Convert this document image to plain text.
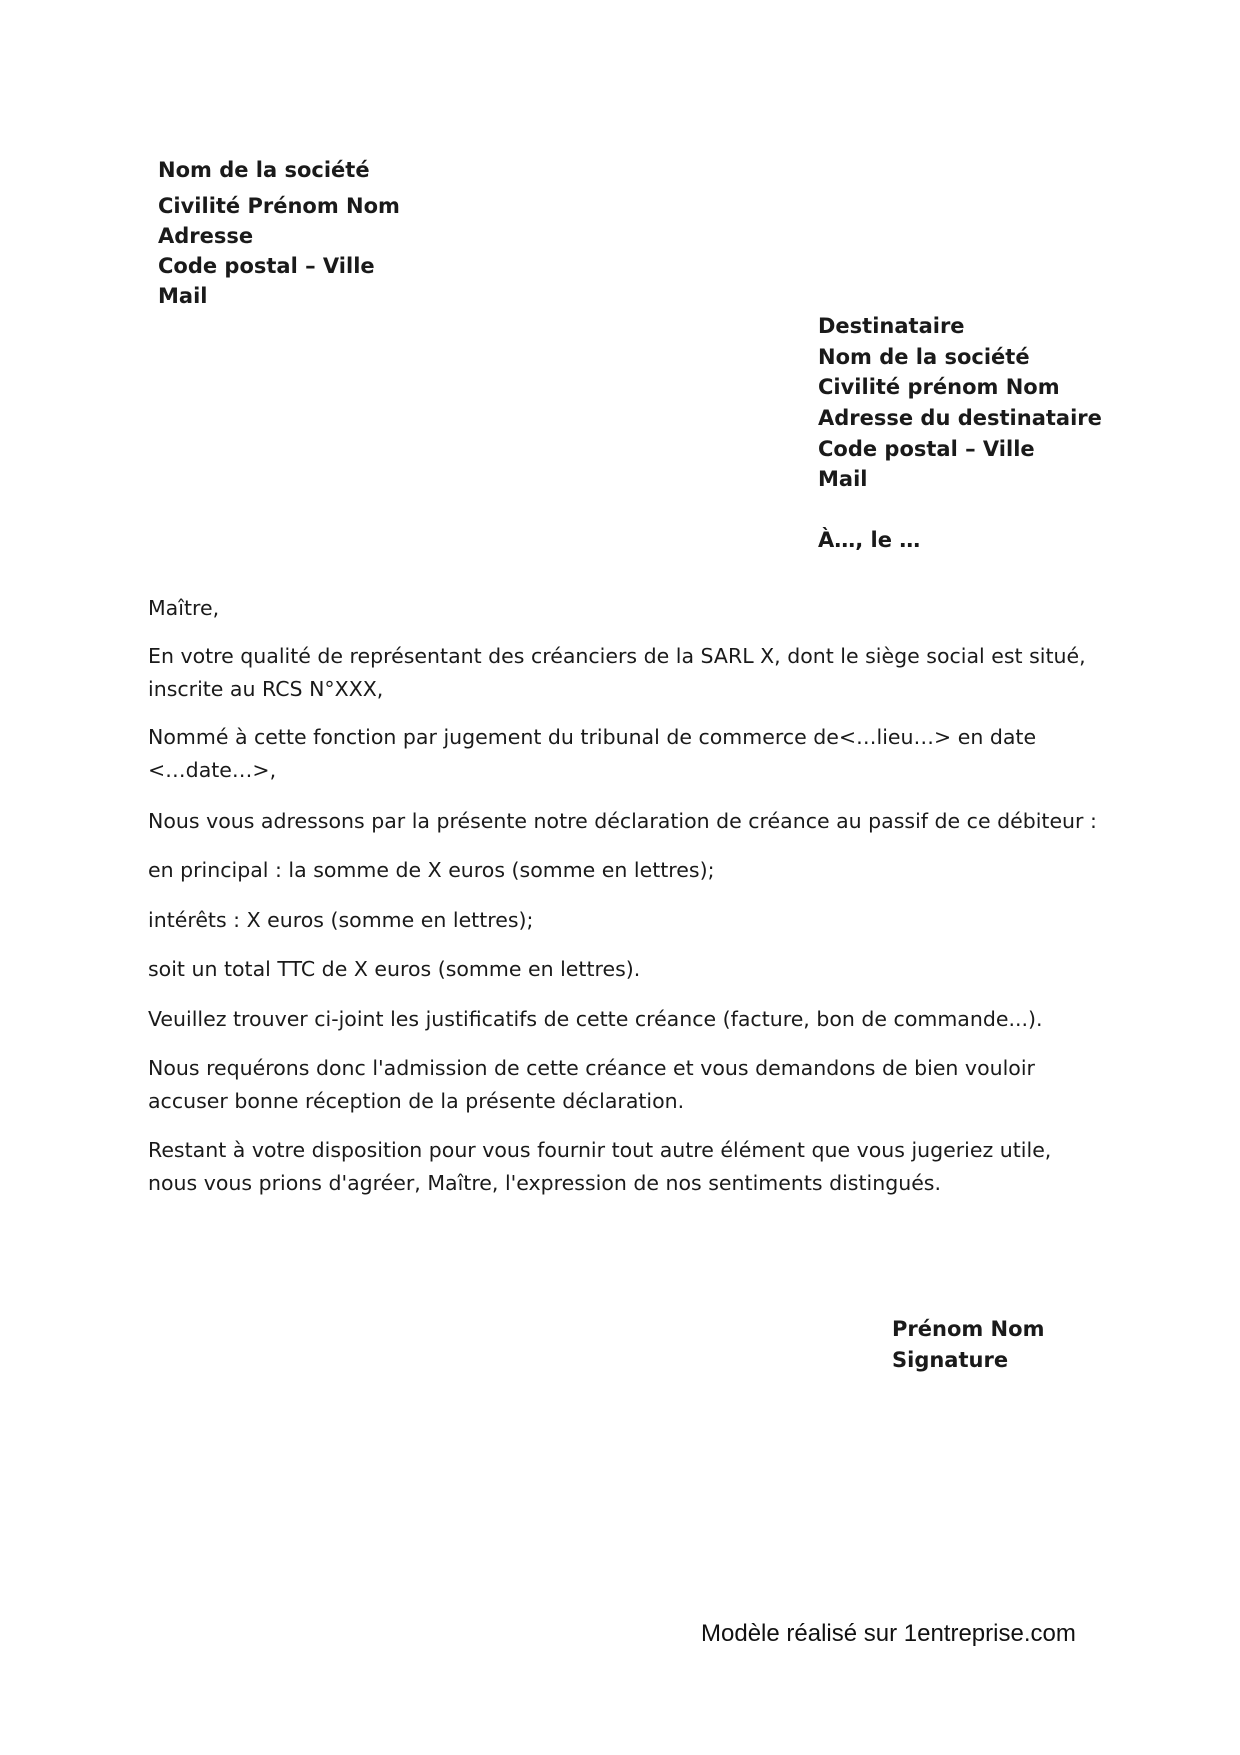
Nom de la société
Civilité Prénom Nom
Adresse
Code postal – Ville
Mail
Destinataire
Nom de la société
Civilité prénom Nom
Adresse du destinataire
Code postal – Ville
Mail
À…, le …
Maître,
En votre qualité de représentant des créanciers de la SARL X, dont le siège social est situé,
inscrite au RCS N°XXX,
Nommé à cette fonction par jugement du tribunal de commerce de<…lieu…> en date
<…date…>,
Nous vous adressons par la présente notre déclaration de créance au passif de ce débiteur :
en principal : la somme de X euros (somme en lettres);
intérêts : X euros (somme en lettres);
soit un total TTC de X euros (somme en lettres).
Veuillez trouver ci-joint les justificatifs de cette créance (facture, bon de commande...).
Nous requérons donc l'admission de cette créance et vous demandons de bien vouloir
accuser bonne réception de la présente déclaration.
Restant à votre disposition pour vous fournir tout autre élément que vous jugeriez utile,
nous vous prions d'agréer, Maître, l'expression de nos sentiments distingués.
Prénom Nom
Signature
Modèle réalisé sur 1entreprise.com
